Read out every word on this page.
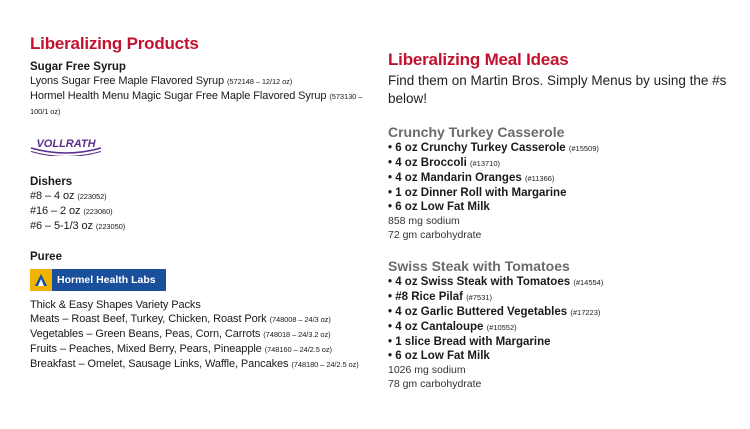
Liberalizing Products
Sugar Free Syrup
Lyons Sugar Free Maple Flavored Syrup (572148 – 12/12 oz)
Hormel Health Menu Magic Sugar Free Maple Flavored Syrup (573130 – 100/1 oz)
VOLLRATH
Dishers
#8 – 4 oz (223052)
#16 – 2 oz (223060)
#6 – 5-1/3 oz (223050)
Puree
Hormel Health Labs
Thick & Easy Shapes Variety Packs
Meats – Roast Beef, Turkey, Chicken, Roast Pork (748008 – 24/3 oz)
Vegetables – Green Beans, Peas, Corn, Carrots (748018 – 24/3.2 oz)
Fruits – Peaches, Mixed Berry, Pears, Pineapple (748160 – 24/2.5 oz)
Breakfast – Omelet, Sausage Links, Waffle, Pancakes (748180 – 24/2.5 oz)
Liberalizing Meal Ideas
Find them on Martin Bros. Simply Menus by using the #s below!
Crunchy Turkey Casserole
• 6 oz Crunchy Turkey Casserole (#15509)
• 4 oz Broccoli (#13710)
• 4 oz Mandarin Oranges (#11366)
• 1 oz Dinner Roll with Margarine
• 6 oz Low Fat Milk
858 mg sodium
72 gm carbohydrate
Swiss Steak with Tomatoes
• 4 oz Swiss Steak with Tomatoes (#14554)
• #8 Rice Pilaf (#7531)
• 4 oz Garlic Buttered Vegetables (#17223)
• 4 oz Cantaloupe (#10552)
• 1 slice Bread with Margarine
• 6 oz Low Fat Milk
1026 mg sodium
78 gm carbohydrate
